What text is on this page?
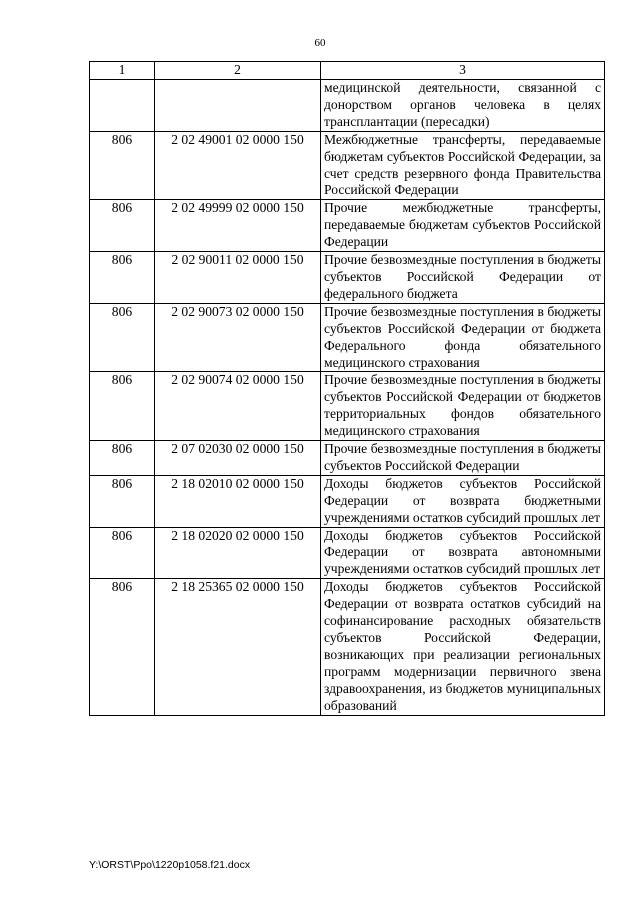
60
1	2	3
		медицинской деятельности, связанной с донорством органов человека в целях трансплантации (пересадки)
806	2 02 49001 02 0000 150	Межбюджетные трансферты, передаваемые бюджетам субъектов Российской Федерации, за счет средств резервного фонда Правительства Российской Федерации
806	2 02 49999 02 0000 150	Прочие межбюджетные трансферты, передаваемые бюджетам субъектов Российской Федерации
806	2 02 90011 02 0000 150	Прочие безвозмездные поступления в бюджеты субъектов Российской Федерации от федерального бюджета
806	2 02 90073 02 0000 150	Прочие безвозмездные поступления в бюджеты субъектов Российской Федерации от бюджета Федерального фонда обязательного медицинского страхования
806	2 02 90074 02 0000 150	Прочие безвозмездные поступления в бюджеты субъектов Российской Федерации от бюджетов территориальных фондов обязательного медицинского страхования
806	2 07 02030 02 0000 150	Прочие безвозмездные поступления в бюджеты субъектов Российской Федерации
806	2 18 02010 02 0000 150	Доходы бюджетов субъектов Российской Федерации от возврата бюджетными учреждениями остатков субсидий прошлых лет
806	2 18 02020 02 0000 150	Доходы бюджетов субъектов Российской Федерации от возврата автономными учреждениями остатков субсидий прошлых лет
806	2 18 25365 02 0000 150	Доходы бюджетов субъектов Российской Федерации от возврата остатков субсидий на софинансирование расходных обязательств субъектов Российской Федерации, возникающих при реализации региональных программ модернизации первичного звена здравоохранения, из бюджетов муниципальных образований
Y:\ORST\Ppo\1220p1058.f21.docx
